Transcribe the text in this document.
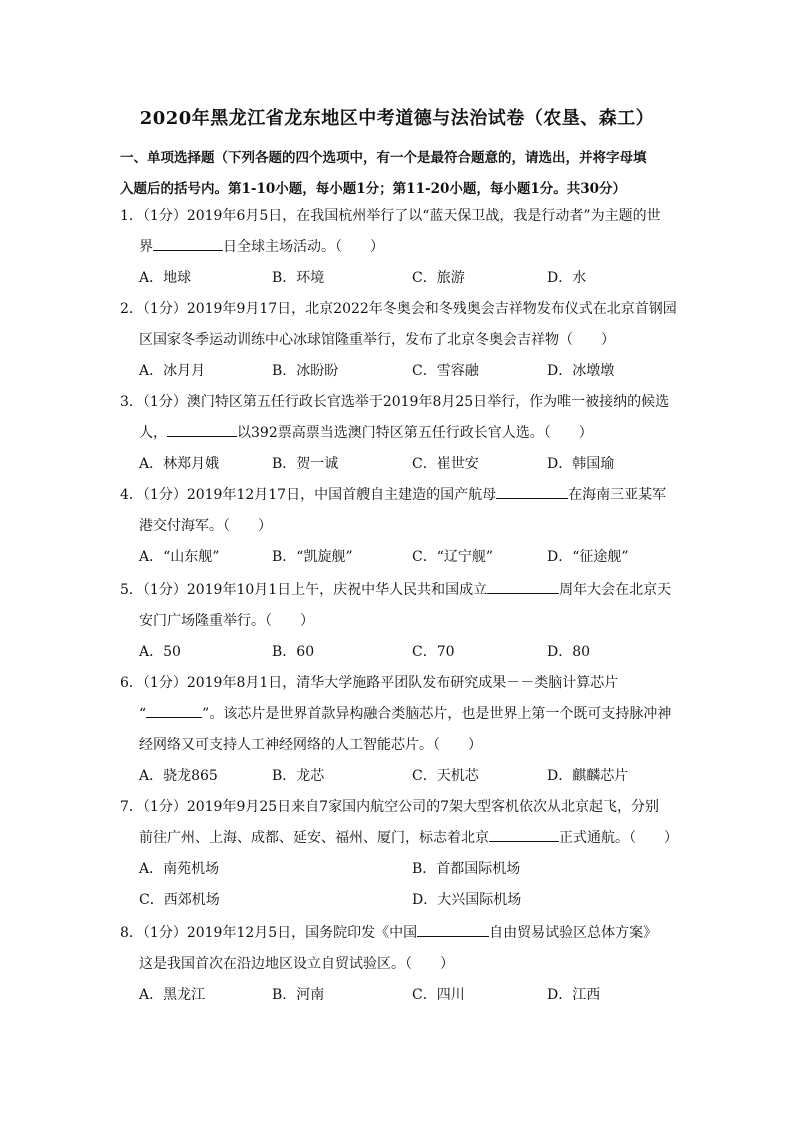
2020年黑龙江省龙东地区中考道德与法治试卷（农垦、森工）
一、单项选择题（下列各题的四个选项中，有一个是最符合题意的，请选出，并将字母填
入题后的括号内。第1-10小题，每小题1分；第11-20小题，每小题1分。共30分）
1．（1分）2019年6月5日，在我国杭州举行了以“蓝天保卫战，我是行动者”为主题的世
界	日全球主场活动。（　　）
A．地球	B．环境	C．旅游	D．水
2．（1分）2019年9月17日，北京2022年冬奥会和冬残奥会吉祥物发布仪式在北京首钢园
区国家冬季运动训练中心冰球馆隆重举行，发布了北京冬奥会吉祥物（　　）
A．冰月月	B．冰盼盼	C．雪容融	D．冰墩墩
3．（1分）澳门特区第五任行政长官选举于2019年8月25日举行，作为唯一被接纳的候选
人，	以392票高票当选澳门特区第五任行政长官人选。（　　）
A．林郑月娥	B．贺一诚	C．崔世安	D．韩国瑜
4．（1分）2019年12月17日，中国首艘自主建造的国产航母	在海南三亚某军
港交付海军。（　　）
A．“山东舰”	B．“凯旋舰”	C．“辽宁舰”	D．“征途舰”
5．（1分）2019年10月1日上午，庆祝中华人民共和国成立	周年大会在北京天
安门广场隆重举行。（　　）
A．50	B．60	C．70	D．80
6．（1分）2019年8月1日，清华大学施路平团队发布研究成果－－类脑计算芯片
“	”。该芯片是世界首款异构融合类脑芯片，也是世界上第一个既可支持脉冲神
经网络又可支持人工神经网络的人工智能芯片。（　　）
A．骁龙865	B．龙芯	C．天机芯	D．麒麟芯片
7．（1分）2019年9月25日来自7家国内航空公司的7架大型客机依次从北京起飞，分别
前往广州、上海、成都、延安、福州、厦门，标志着北京	正式通航。（　　）
A．南苑机场	B．首都国际机场
C．西郊机场	D．大兴国际机场
8．（1分）2019年12月5日，国务院印发《中国	自由贸易试验区总体方案》
这是我国首次在沿边地区设立自贸试验区。（　　）
A．黑龙江	B．河南	C．四川	D．江西
